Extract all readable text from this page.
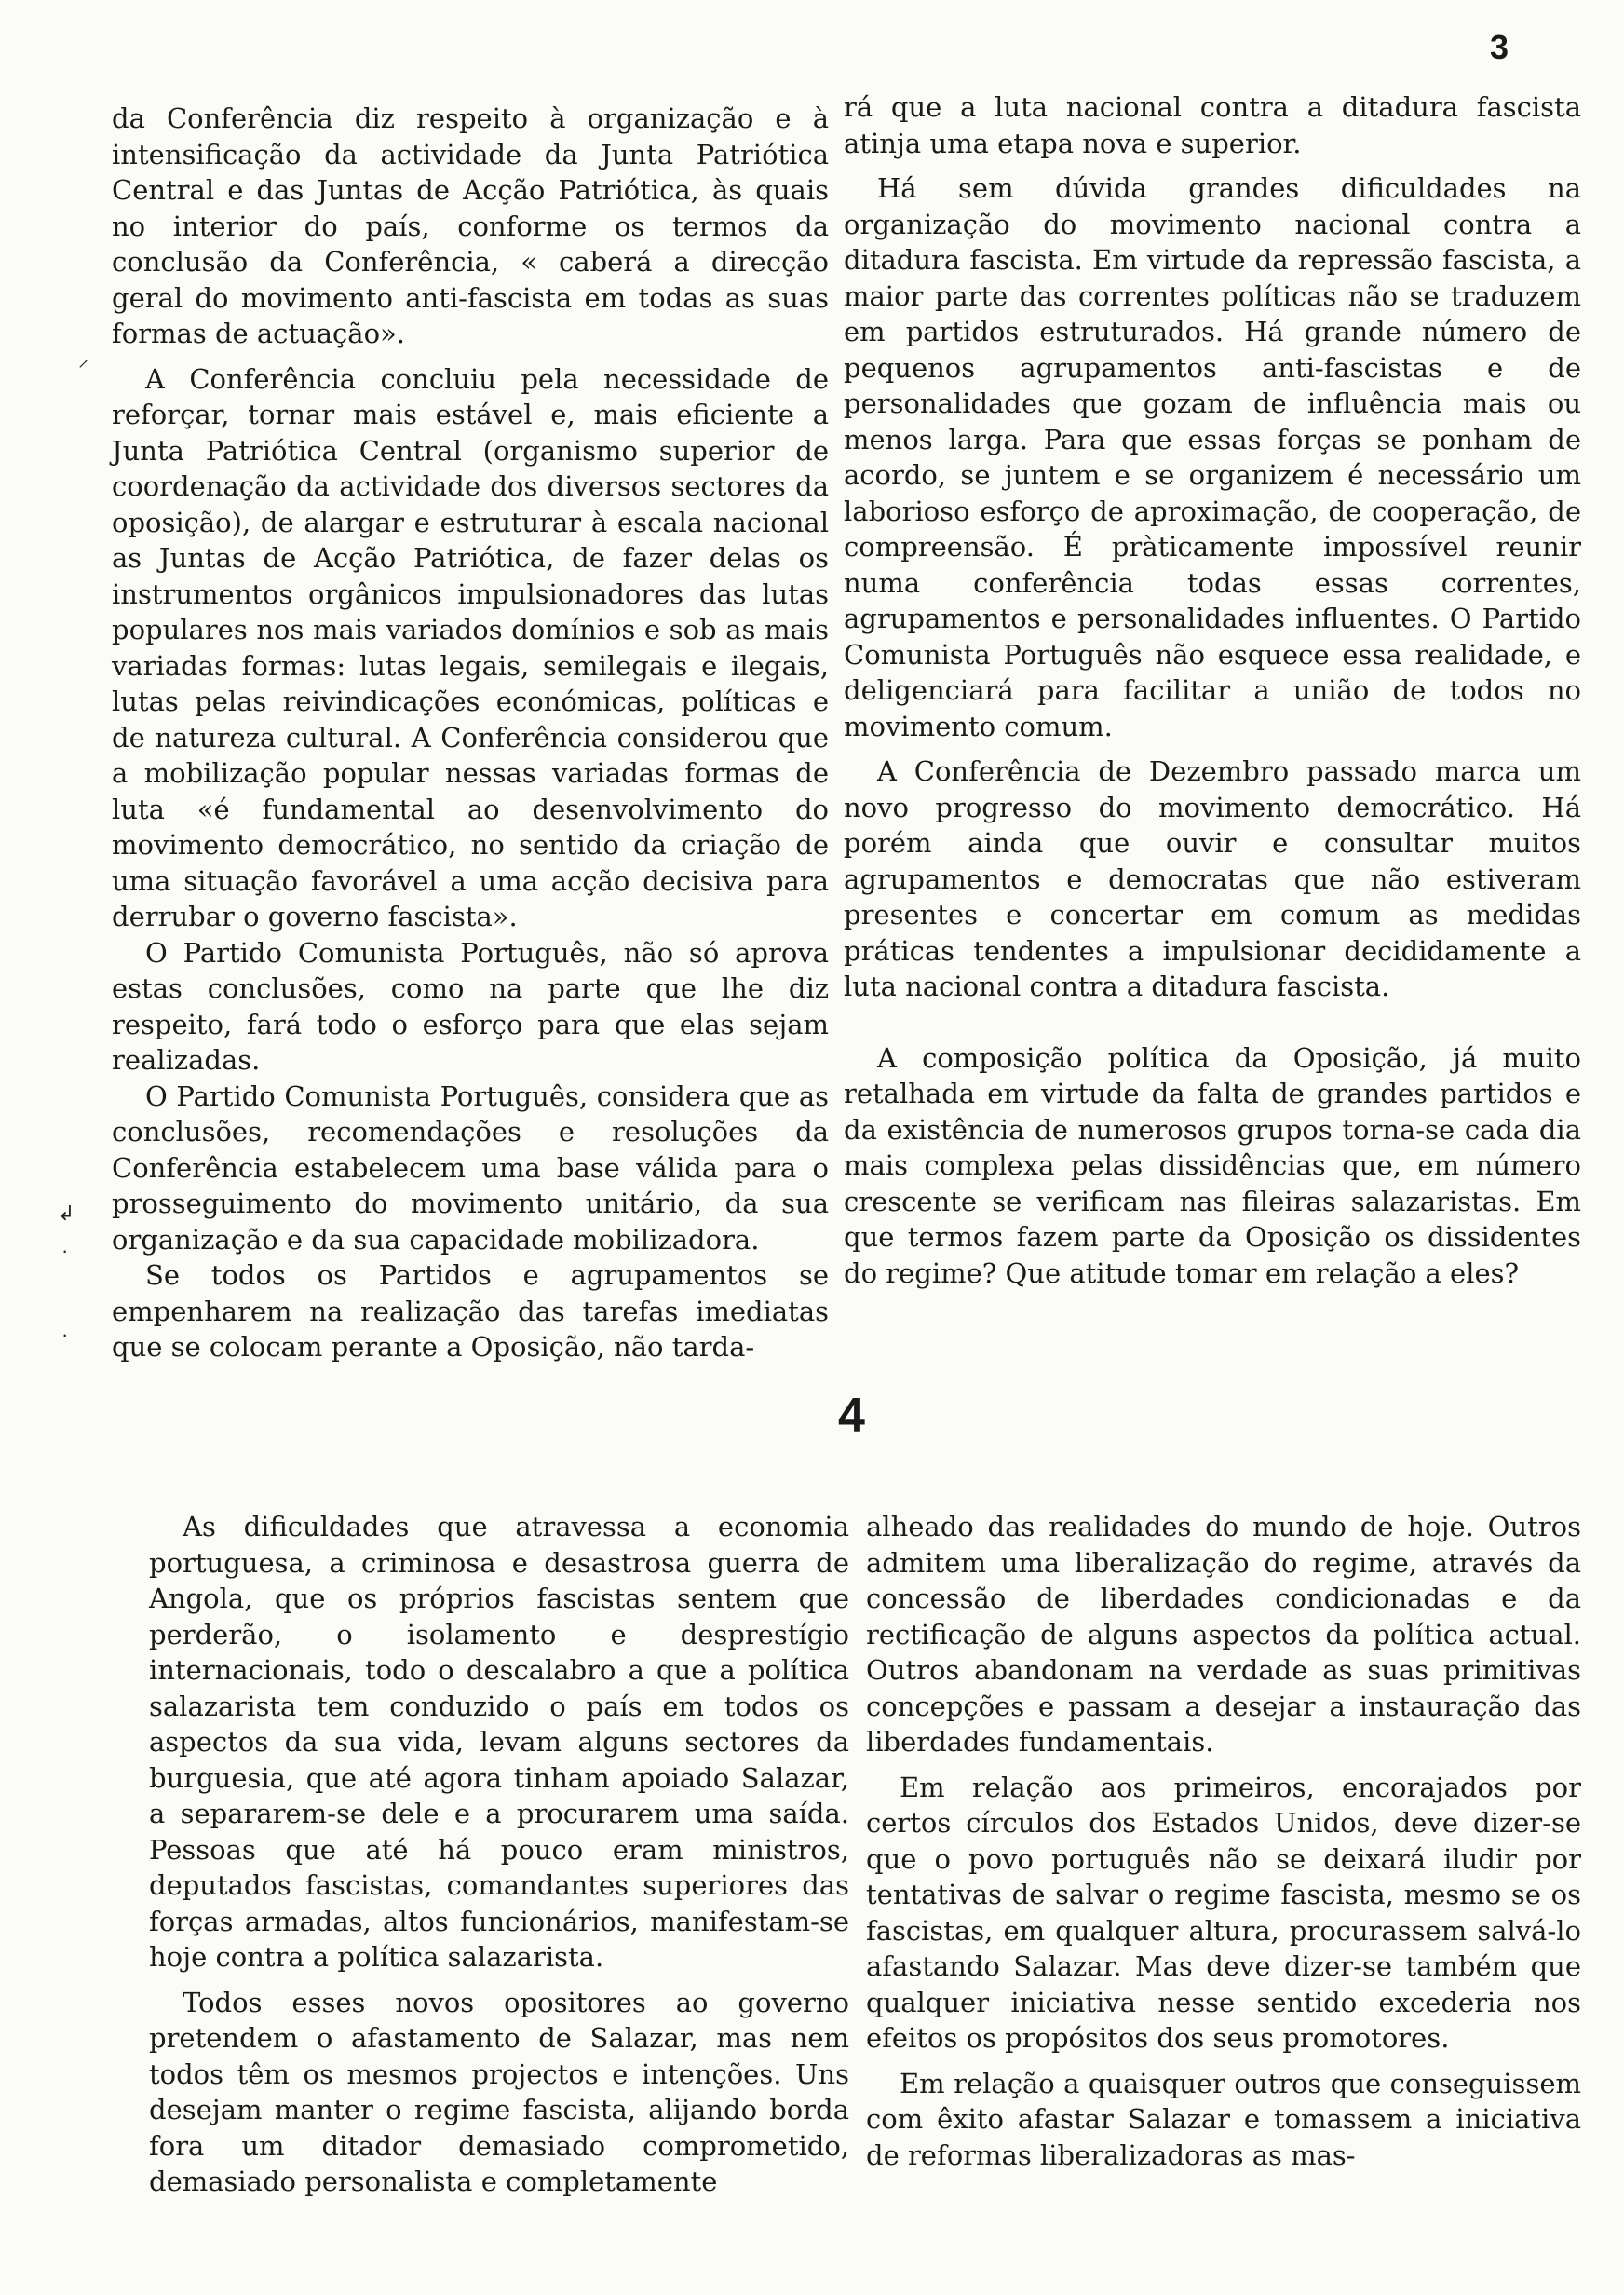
3
⸝
↲
·
·

da Conferência diz respeito à organização e à intensificação da actividade da Junta Patriótica Central e das Juntas de Acção Patriótica, às quais no interior do país, conforme os termos da conclusão da Conferência, « caberá a direcção geral do movimento anti-fascista em todas as suas formas de actuação».

A Conferência concluiu pela necessidade de reforçar, tornar mais estável e, mais eficiente a Junta Patriótica Central (organismo superior de coordenação da actividade dos diversos sectores da oposição), de alargar e estruturar à escala nacional as Juntas de Acção Patriótica, de fazer delas os instrumentos orgânicos impulsionadores das lutas populares nos mais variados domínios e sob as mais variadas formas: lutas legais, semilegais e ilegais, lutas pelas reivindicações económicas, políticas e de natureza cultural. A Conferência considerou que a mobilização popular nessas variadas formas de luta «é fundamental ao desenvolvimento do movimento democrático, no sentido da criação de uma situação favorável a uma acção decisiva para derrubar o governo fascista».

O Partido Comunista Português, não só aprova estas conclusões, como na parte que lhe diz respeito, fará todo o esforço para que elas sejam realizadas.

O Partido Comunista Português, considera que as conclusões, recomendações e resoluções da Conferência estabelecem uma base válida para o prosseguimento do movimento unitário, da sua organização e da sua capacidade mobilizadora.

Se todos os Partidos e agrupamentos se empenharem na realização das tarefas imediatas que se colocam perante a Oposição, não tarda-

rá que a luta nacional contra a ditadura fascista atinja uma etapa nova e superior.

Há sem dúvida grandes dificuldades na organização do movimento nacional contra a ditadura fascista. Em virtude da repressão fascista, a maior parte das correntes políticas não se traduzem em partidos estruturados. Há grande número de pequenos agrupamentos anti-fascistas e de personalidades que gozam de influência mais ou menos larga. Para que essas forças se ponham de acordo, se juntem e se organizem é necessário um laborioso esforço de aproximação, de cooperação, de compreensão. É pràticamente impossível reunir numa conferência todas essas correntes, agrupamentos e personalidades influentes. O Partido Comunista Português não esquece essa realidade, e deligenciará para facilitar a união de todos no movimento comum.

A Conferência de Dezembro passado marca um novo progresso do movimento democrático. Há porém ainda que ouvir e consultar muitos agrupamentos e democratas que não estiveram presentes e concertar em comum as medidas práticas tendentes a impulsionar decididamente a luta nacional contra a ditadura fascista.

A composição política da Oposição, já muito retalhada em virtude da falta de grandes partidos e da existência de numerosos grupos torna-se cada dia mais complexa pelas dissidências que, em número crescente se verificam nas fileiras salazaristas. Em que termos fazem parte da Oposição os dissidentes do regime? Que atitude tomar em relação a eles?

4

As dificuldades que atravessa a economia portuguesa, a criminosa e desastrosa guerra de Angola, que os próprios fascistas sentem que perderão, o isolamento e desprestígio internacionais, todo o descalabro a que a política salazarista tem conduzido o país em todos os aspectos da sua vida, levam alguns sectores da burguesia, que até agora tinham apoiado Salazar, a separarem-se dele e a procurarem uma saída. Pessoas que até há pouco eram ministros, deputados fascistas, comandantes superiores das forças armadas, altos funcionários, manifestam-se hoje contra a política salazarista.

Todos esses novos opositores ao governo pretendem o afastamento de Salazar, mas nem todos têm os mesmos projectos e intenções. Uns desejam manter o regime fascista, alijando borda fora um ditador demasiado comprometido, demasiado personalista e completamente

alheado das realidades do mundo de hoje. Outros admitem uma liberalização do regime, através da concessão de liberdades condicionadas e da rectificação de alguns aspectos da política actual. Outros abandonam na verdade as suas primitivas concepções e passam a desejar a instauração das liberdades fundamentais.

Em relação aos primeiros, encorajados por certos círculos dos Estados Unidos, deve dizer-se que o povo português não se deixará iludir por tentativas de salvar o regime fascista, mesmo se os fascistas, em qualquer altura, procurassem salvá-lo afastando Salazar. Mas deve dizer-se também que qualquer iniciativa nesse sentido excederia nos efeitos os propósitos dos seus promotores.

Em relação a quaisquer outros que conseguissem com êxito afastar Salazar e tomassem a iniciativa de reformas liberalizadoras as mas-
